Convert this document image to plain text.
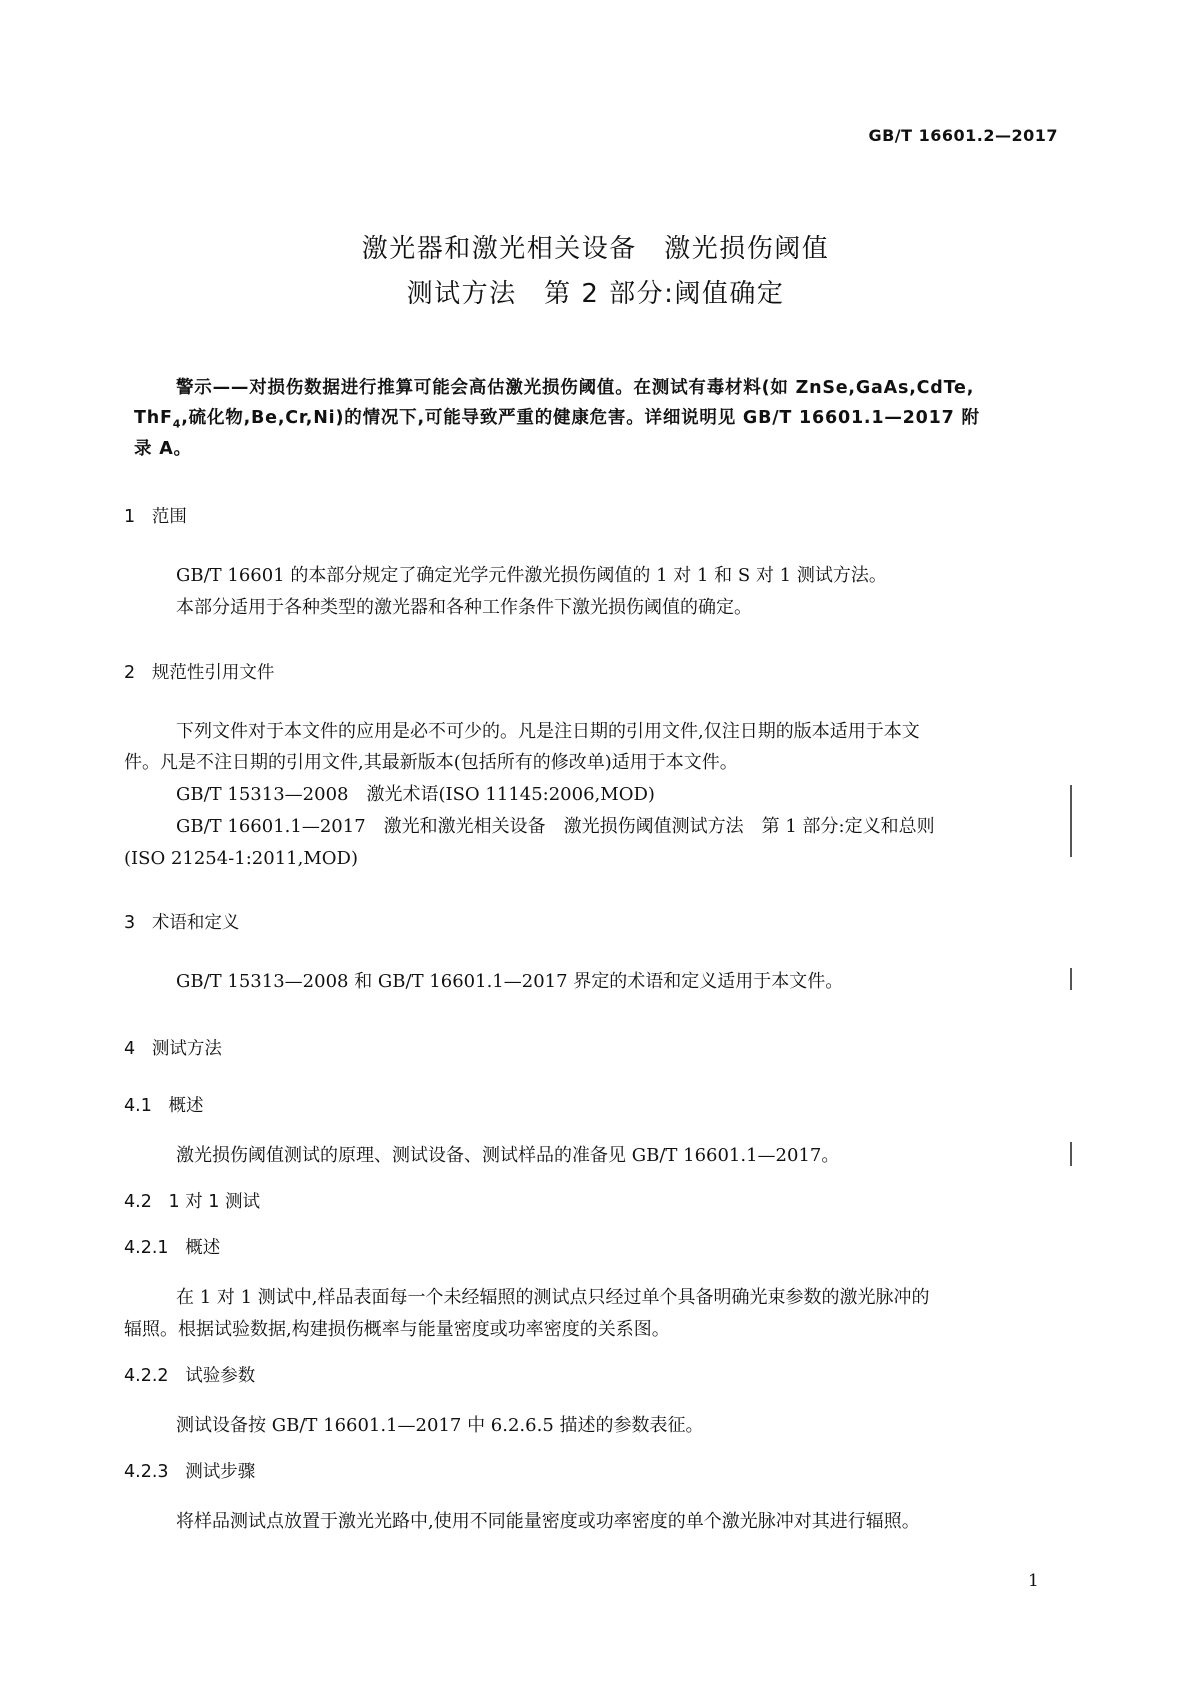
GB/T 16601.2—2017
激光器和激光相关设备　激光损伤阈值
测试方法　第 2 部分:阈值确定
警示——对损伤数据进行推算可能会高估激光损伤阈值。在测试有毒材料(如 ZnSe,GaAs,CdTe,
ThF$_4$,硫化物,Be,Cr,Ni)的情况下,可能导致严重的健康危害。详细说明见 GB/T 16601.1—2017 附
录 A。
1 范围
GB/T 16601 的本部分规定了确定光学元件激光损伤阈值的 1 对 1 和 S 对 1 测试方法。
本部分适用于各种类型的激光器和各种工作条件下激光损伤阈值的确定。
2 规范性引用文件
下列文件对于本文件的应用是必不可少的。凡是注日期的引用文件,仅注日期的版本适用于本文
件。凡是不注日期的引用文件,其最新版本(包括所有的修改单)适用于本文件。
GB/T 15313—2008　激光术语(ISO 11145:2006,MOD)
GB/T 16601.1—2017　激光和激光相关设备　激光损伤阈值测试方法　第 1 部分:定义和总则
(ISO 21254-1:2011,MOD)
3 术语和定义
GB/T 15313—2008 和 GB/T 16601.1—2017 界定的术语和定义适用于本文件。
4 测试方法
4.1 概述
激光损伤阈值测试的原理、测试设备、测试样品的准备见 GB/T 16601.1—2017。
4.2 1 对 1 测试
4.2.1 概述
在 1 对 1 测试中,样品表面每一个未经辐照的测试点只经过单个具备明确光束参数的激光脉冲的
辐照。根据试验数据,构建损伤概率与能量密度或功率密度的关系图。
4.2.2 试验参数
测试设备按 GB/T 16601.1—2017 中 6.2.6.5 描述的参数表征。
4.2.3 测试步骤
将样品测试点放置于激光光路中,使用不同能量密度或功率密度的单个激光脉冲对其进行辐照。
1
